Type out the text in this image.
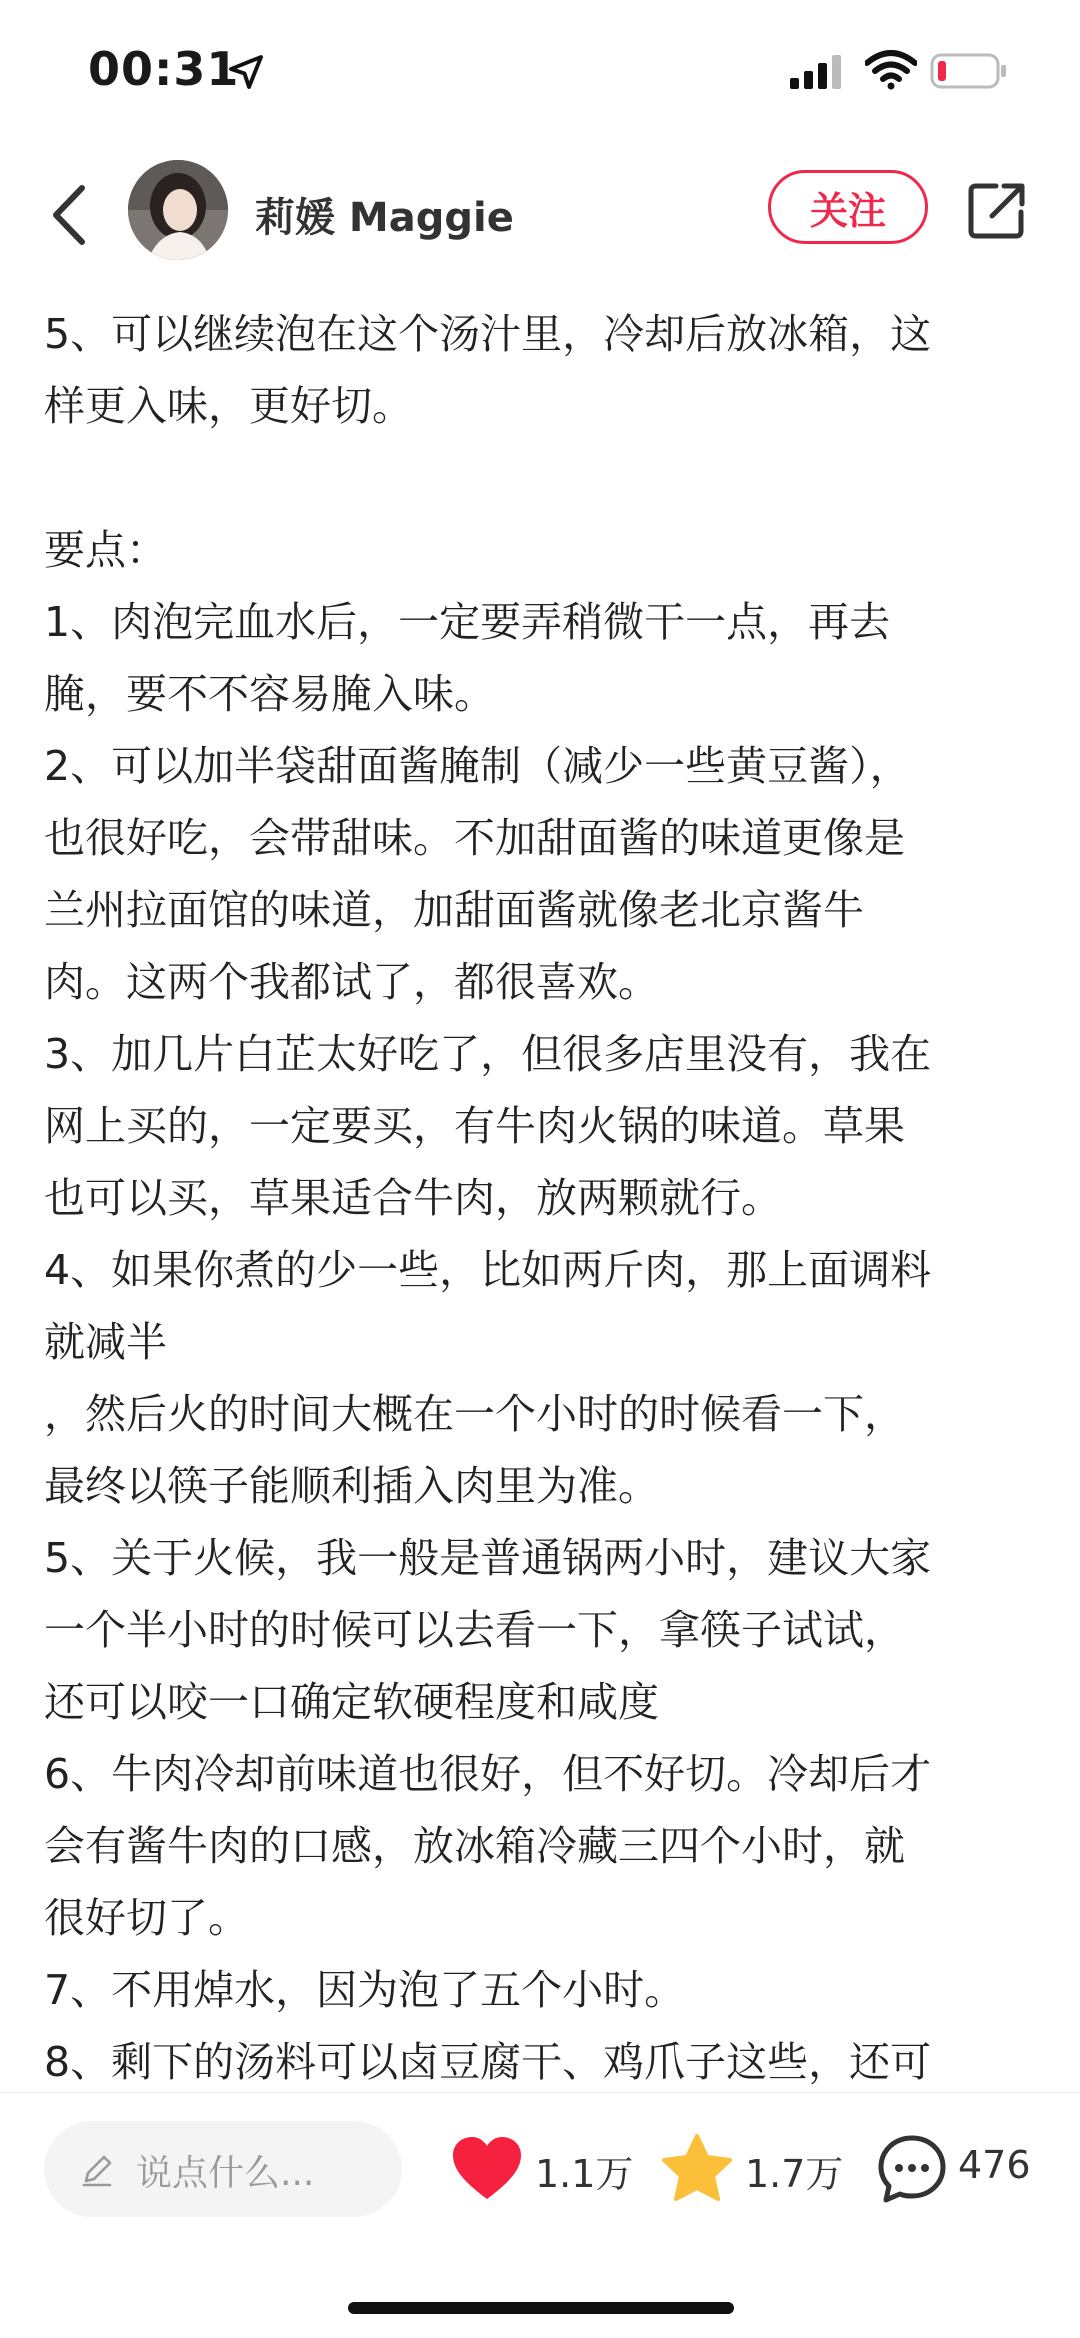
00:31
莉媛 Maggie	关注
5、可以继续泡在这个汤汁里，冷却后放冰箱，这
样更入味，更好切。
要点：
1、肉泡完血水后，一定要弄稍微干一点，再去
腌，要不不容易腌入味。
2、可以加半袋甜面酱腌制（减少一些黄豆酱），
也很好吃，会带甜味。不加甜面酱的味道更像是
兰州拉面馆的味道，加甜面酱就像老北京酱牛
肉。这两个我都试了，都很喜欢。
3、加几片白芷太好吃了，但很多店里没有，我在
网上买的，一定要买，有牛肉火锅的味道。草果
也可以买，草果适合牛肉，放两颗就行。
4、如果你煮的少一些，比如两斤肉，那上面调料
就减半
，然后火的时间大概在一个小时的时候看一下，
最终以筷子能顺利插入肉里为准。
5、关于火候，我一般是普通锅两小时，建议大家
一个半小时的时候可以去看一下，拿筷子试试，
还可以咬一口确定软硬程度和咸度
6、牛肉冷却前味道也很好，但不好切。冷却后才
会有酱牛肉的口感，放冰箱冷藏三四个小时，就
很好切了。
7、不用焯水，因为泡了五个小时。
8、剩下的汤料可以卤豆腐干、鸡爪子这些，还可
说点什么...	1.1万	1.7万	476
